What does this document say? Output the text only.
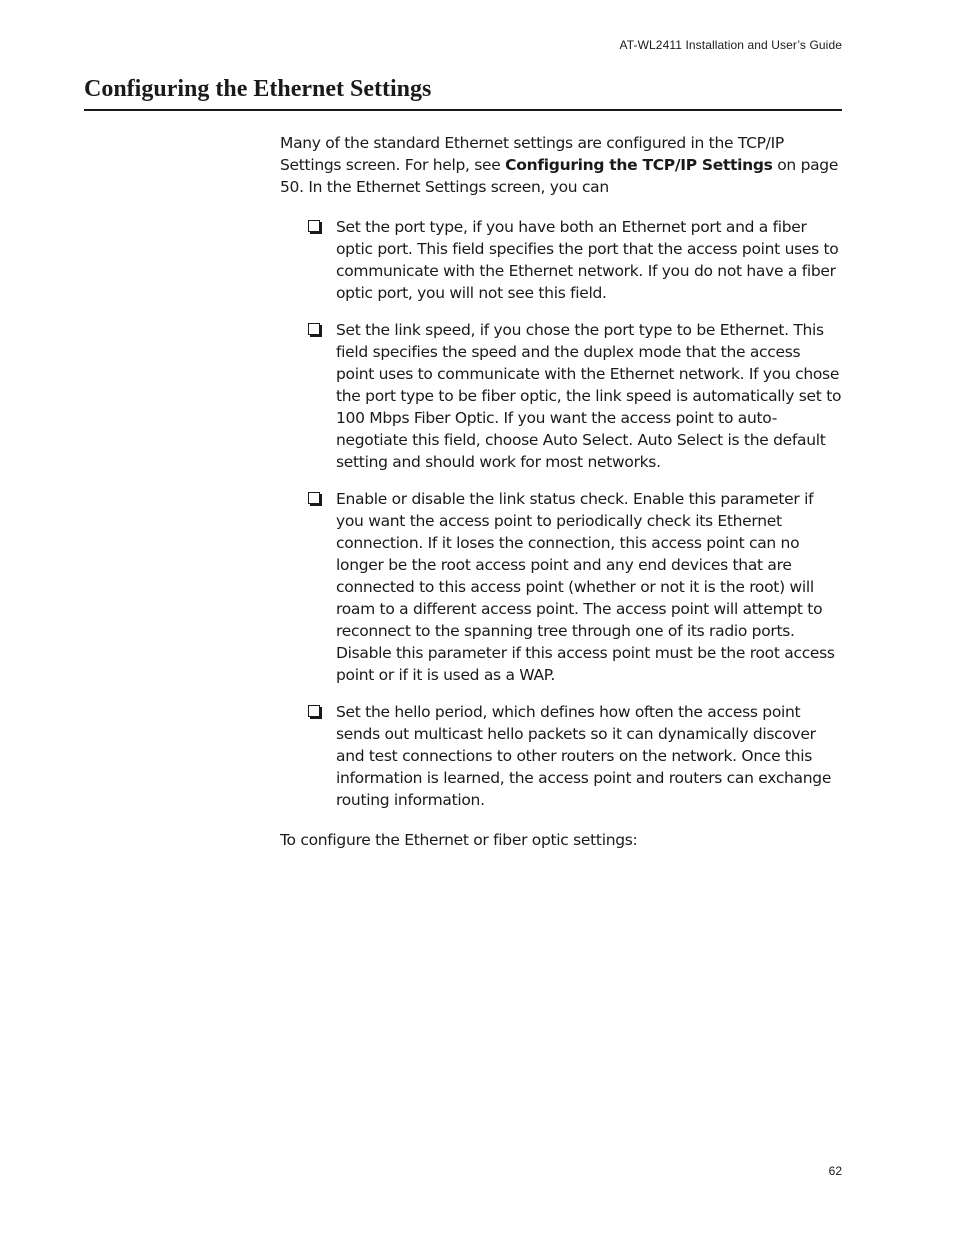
AT-WL2411 Installation and User’s Guide
Configuring the Ethernet Settings

Many of the standard Ethernet settings are configured in the TCP/IP Settings screen. For help, see Configuring the TCP/IP Settings on page 50. In the Ethernet Settings screen, you can

Set the port type, if you have both an Ethernet port and a fiber optic port. This field specifies the port that the access point uses to communicate with the Ethernet network. If you do not have a fiber optic port, you will not see this field.
Set the link speed, if you chose the port type to be Ethernet. This field specifies the speed and the duplex mode that the access point uses to communicate with the Ethernet network. If you chose the port type to be fiber optic, the link speed is automatically set to 100 Mbps Fiber Optic. If you want the access point to auto-negotiate this field, choose Auto Select. Auto Select is the default setting and should work for most networks.
Enable or disable the link status check. Enable this parameter if you want the access point to periodically check its Ethernet connection. If it loses the connection, this access point can no longer be the root access point and any end devices that are connected to this access point (whether or not it is the root) will roam to a different access point. The access point will attempt to reconnect to the spanning tree through one of its radio ports. Disable this parameter if this access point must be the root access point or if it is used as a WAP.
Set the hello period, which defines how often the access point sends out multicast hello packets so it can dynamically discover and test connections to other routers on the network. Once this information is learned, the access point and routers can exchange routing information.

To configure the Ethernet or fiber optic settings:

62
